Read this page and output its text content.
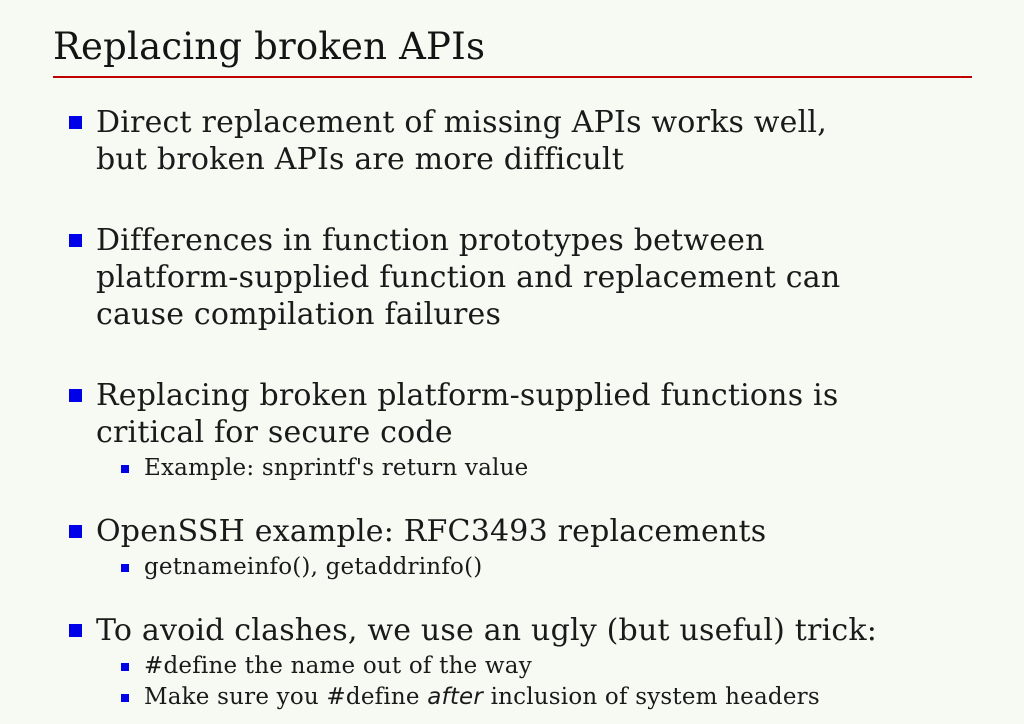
Replacing broken APIs

Direct replacement of missing APIs works well,
but broken APIs are more difficult

Differences in function prototypes between
platform-supplied function and replacement can
cause compilation failures

Replacing broken platform-supplied functions is
critical for secure code

Example: snprintf's return value

OpenSSH example: RFC3493 replacements

getnameinfo(), getaddrinfo()

To avoid clashes, we use an ugly (but useful) trick:

#define the name out of the way

Make sure you #define after inclusion of system headers
